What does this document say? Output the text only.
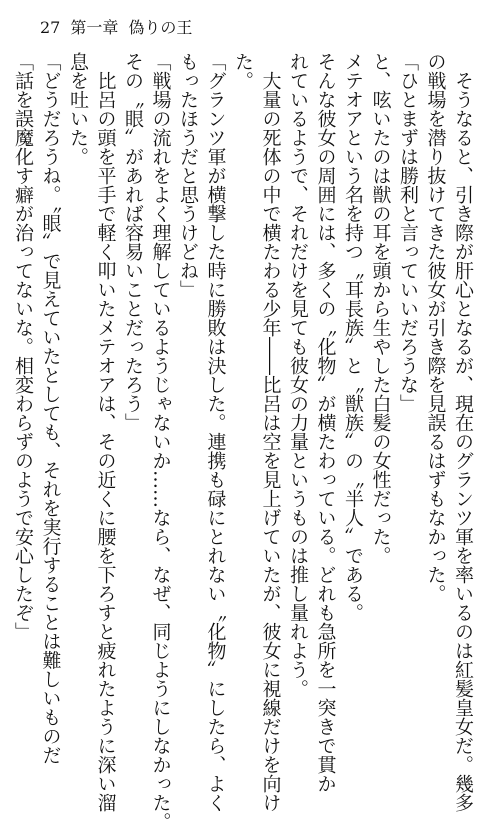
27 第一章 偽りの王

そうなると、引き際が肝心となるが、現在のグランツ軍を率いるのは紅髪皇女だ。幾多

の戦場を潜り抜けてきた彼女が引き際を見誤るはずもなかった。

「ひとまずは勝利と言っていいだろうな」

と、呟いたのは獣の耳を頭から生やした白髪の女性だった。

メテオアという名を持つ〝耳長族〟と〝獣族〟の〝半人〟である。

そんな彼女の周囲には、多くの〝化物〟が横たわっている。どれも急所を一突きで貫か

れているようで、それだけを見ても彼女の力量というものは推し量れよう。

大量の死体の中で横たわる少年――比呂は空を見上げていたが、彼女に視線だけを向け

た。

「グランツ軍が横撃した時に勝敗は決した。連携も碌にとれない〝化物〟にしたら、よく

もったほうだと思うけどね」

「戦場の流れをよく理解しているようじゃないか……なら、なぜ、同じようにしなかった。

その〝眼〟があれば容易いことだったろう」

比呂の頭を平手で軽く叩いたメテオアは、その近くに腰を下ろすと疲れたように深い溜

息を吐いた。

「どうだろうね。〝眼〟で見えていたとしても、それを実行することは難しいものだ

「話を誤魔化す癖が治ってないな。相変わらずのようで安心したぞ」
